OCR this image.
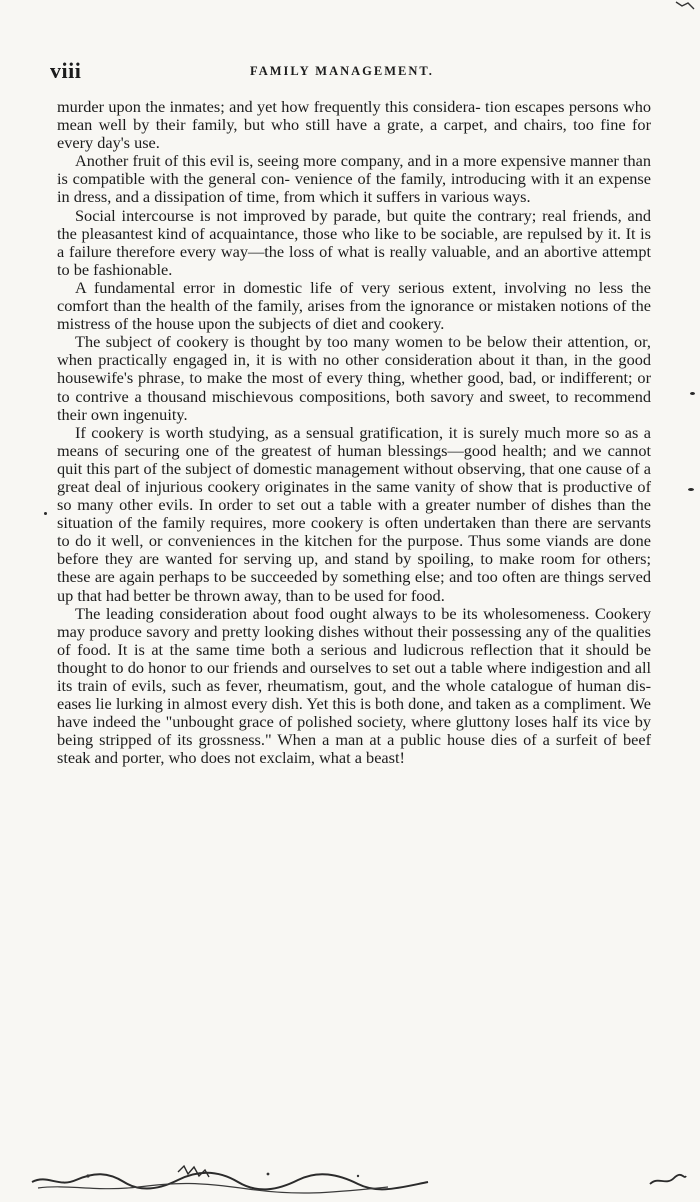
viii	FAMILY MANAGEMENT.

murder upon the inmates; and yet how frequently this considera- tion escapes persons who mean well by their family, but who still have a grate, a carpet, and chairs, too fine for every day's use.

Another fruit of this evil is, seeing more company, and in a more expensive manner than is compatible with the general con- venience of the family, introducing with it an expense in dress, and a dissipation of time, from which it suffers in various ways.

Social intercourse is not improved by parade, but quite the contrary; real friends, and the pleasantest kind of acquaintance, those who like to be sociable, are repulsed by it. It is a failure therefore every way—the loss of what is really valuable, and an abortive attempt to be fashionable.

A fundamental error in domestic life of very serious extent, involving no less the comfort than the health of the family, arises from the ignorance or mistaken notions of the mistress of the house upon the subjects of diet and cookery.

The subject of cookery is thought by too many women to be below their attention, or, when practically engaged in, it is with no other consideration about it than, in the good housewife's phrase, to make the most of every thing, whether good, bad, or indifferent; or to contrive a thousand mischievous compositions, both savory and sweet, to recommend their own ingenuity.

If cookery is worth studying, as a sensual gratification, it is surely much more so as a means of securing one of the greatest of human blessings—good health; and we cannot quit this part of the subject of domestic management without observing, that one cause of a great deal of injurious cookery originates in the same vanity of show that is productive of so many other evils. In order to set out a table with a greater number of dishes than the situation of the family requires, more cookery is often undertaken than there are servants to do it well, or conveniences in the kitchen for the purpose. Thus some viands are done before they are wanted for serving up, and stand by spoiling, to make room for others; these are again perhaps to be succeeded by something else; and too often are things served up that had better be thrown away, than to be used for food.

The leading consideration about food ought always to be its wholesomeness. Cookery may produce savory and pretty looking dishes without their possessing any of the qualities of food. It is at the same time both a serious and ludicrous reflection that it should be thought to do honor to our friends and ourselves to set out a table where indigestion and all its train of evils, such as fever, rheumatism, gout, and the whole catalogue of human dis- eases lie lurking in almost every dish. Yet this is both done, and taken as a compliment. We have indeed the "unbought grace of polished society, where gluttony loses half its vice by being stripped of its grossness." When a man at a public house dies of a surfeit of beef steak and porter, who does not exclaim, what a beast!
